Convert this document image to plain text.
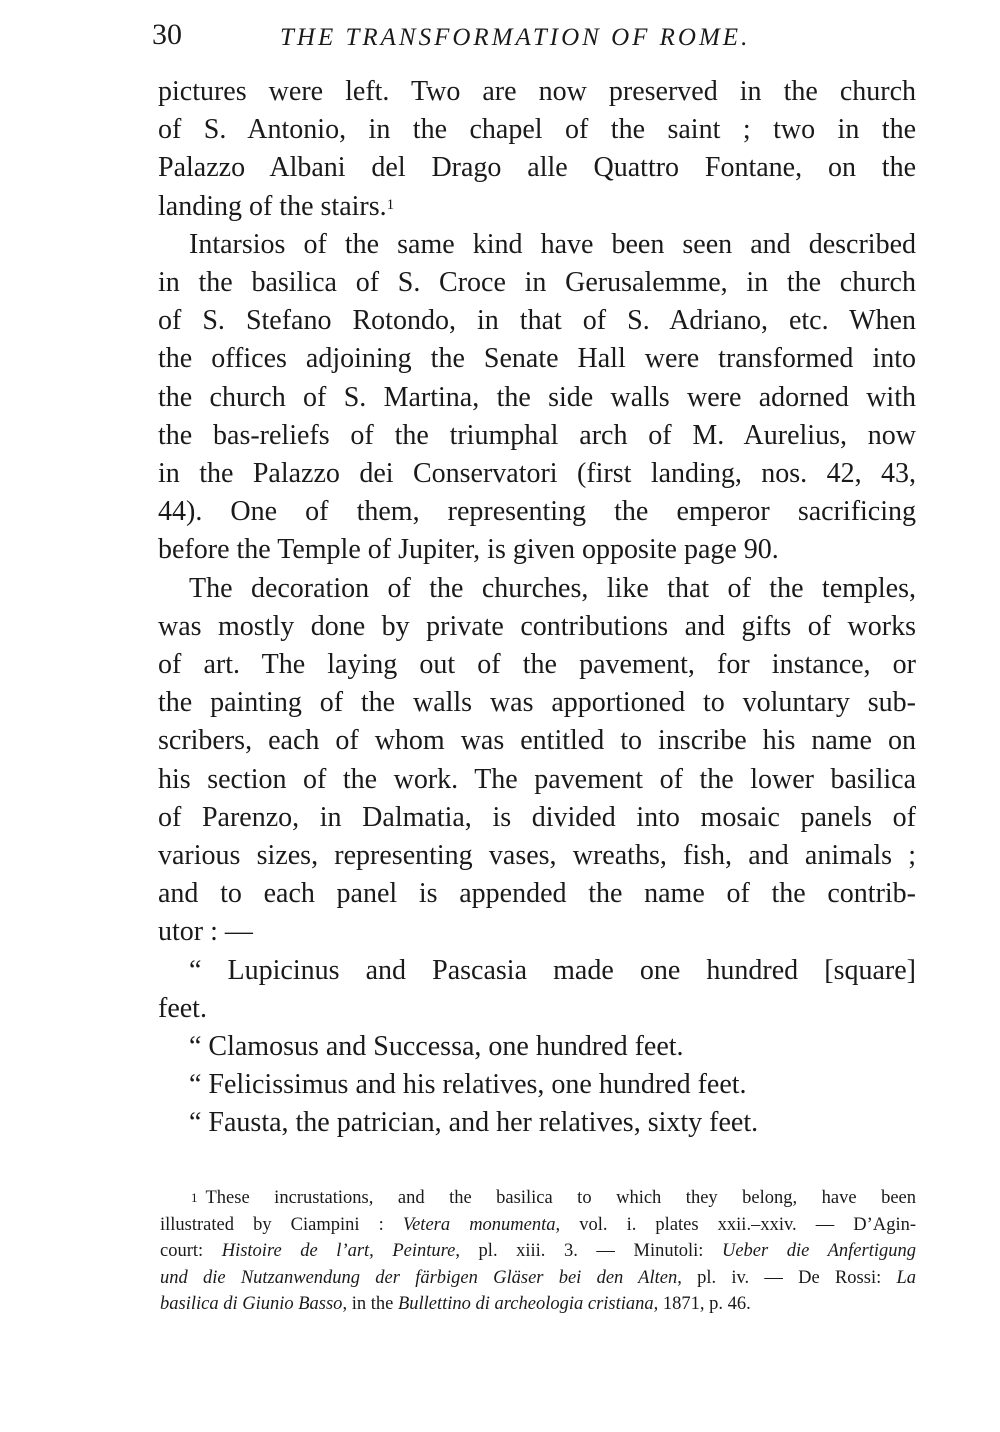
30	THE TRANSFORMATION OF ROME.

pictures were left. Two are now preserved in the church
of S. Antonio, in the chapel of the saint ; two in the
Palazzo Albani del Drago alle Quattro Fontane, on the
landing of the stairs.$^1$

Intarsios of the same kind have been seen and described
in the basilica of S. Croce in Gerusalemme, in the church
of S. Stefano Rotondo, in that of S. Adriano, etc. When
the offices adjoining the Senate Hall were transformed into
the church of S. Martina, the side walls were adorned with
the bas-reliefs of the triumphal arch of M. Aurelius, now
in the Palazzo dei Conservatori (first landing, nos. 42, 43,
44). One of them, representing the emperor sacrificing
before the Temple of Jupiter, is given opposite page 90.

The decoration of the churches, like that of the temples,
was mostly done by private contributions and gifts of works
of art. The laying out of the pavement, for instance, or
the painting of the walls was apportioned to voluntary sub-
scribers, each of whom was entitled to inscribe his name on
his section of the work. The pavement of the lower basilica
of Parenzo, in Dalmatia, is divided into mosaic panels of
various sizes, representing vases, wreaths, fish, and animals ;
and to each panel is appended the name of the contrib-
utor : —

“ Lupicinus and Pascasia made one hundred [square]
feet.

“ Clamosus and Successa, one hundred feet.

“ Felicissimus and his relatives, one hundred feet.

“ Fausta, the patrician, and her relatives, sixty feet.

$^1$ These incrustations, and the basilica to which they belong, have been
illustrated by Ciampini : Vetera monumenta, vol. i. plates xxii.–xxiv. — D’Agin-
court: Histoire de l’art, Peinture, pl. xiii. 3. — Minutoli: Ueber die Anfertigung
und die Nutzanwendung der färbigen Gläser bei den Alten, pl. iv. — De Rossi: La
basilica di Giunio Basso, in the Bullettino di archeologia cristiana, 1871, p. 46.
